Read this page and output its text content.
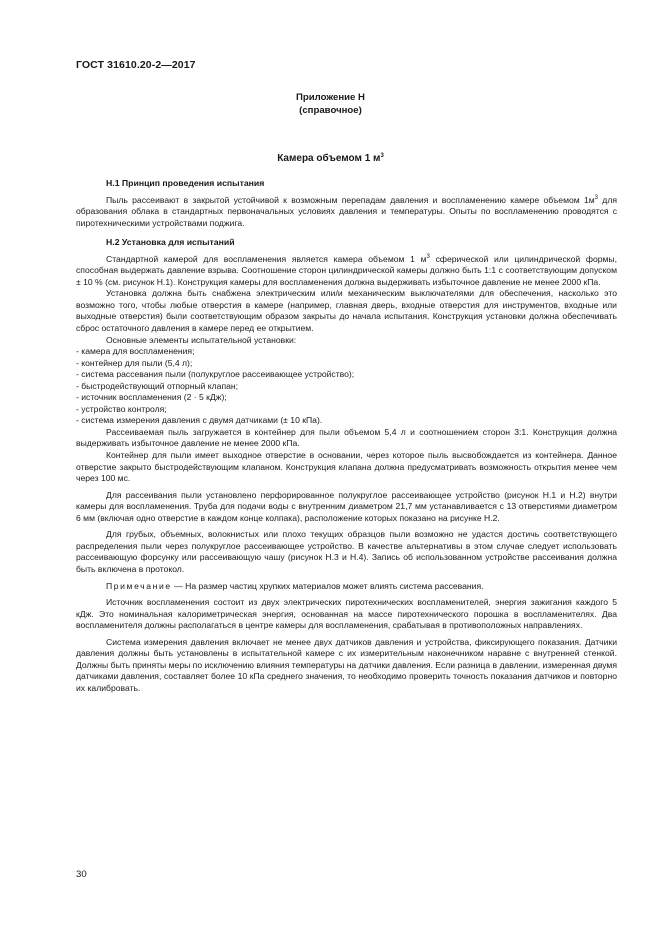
ГОСТ 31610.20-2—2017
Приложение Н
(справочное)
Камера объемом 1 $м^3$
Н.1 Принцип проведения испытания

Пыль рассеивают в закрытой устойчивой к возможным перепадам давления и воспламенению камере объемом $1м^3$ для образования облака в стандартных первоначальных условиях давления и температуры. Опыты по воспламенению проводятся с пиротехническими устройствами поджига.

Н.2 Установка для испытаний

Стандартной камерой для воспламенения является камера объемом 1 $м^3$ сферической или цилиндрической формы, способная выдержать давление взрыва. Соотношение сторон цилиндрической камеры должно быть 1:1 с соответствующим допуском ± 10 % (см. рисунок Н.1). Конструкция камеры для воспламенения должна выдерживать избыточное давление не менее 2000 кПа.

Установка должна быть снабжена электрическим или/и механическим выключателями для обеспечения, насколько это возможно того, чтобы любые отверстия в камере (например, главная дверь, входные отверстия для инструментов, входные или выходные отверстия) были соответствующим образом закрыты до начала испытания. Конструкция установки должна обеспечивать сброс остаточного давления в камере перед ее открытием.

Основные элементы испытательной установки:

- камера для воспламенения;
- контейнер для пыли (5,4 л);
- система рассевания пыли (полукруглое рассеивающее устройство);
- быстродействующий отпорный клапан;
- источник воспламенения (2 · 5 кДж);
- устройство контроля;
- система измерения давления с двумя датчиками (± 10 кПа).

Рассеиваемая пыль загружается в контейнер для пыли объемом 5,4 л и соотношением сторон 3:1. Конструкция должна выдерживать избыточное давление не менее 2000 кПа.

Контейнер для пыли имеет выходное отверстие в основании, через которое пыль высвобождается из контейнера. Данное отверстие закрыто быстродействующим клапаном. Конструкция клапана должна предусматривать возможность открытия менее чем через 100 мс.

Для рассеивания пыли установлено перфорированное полукруглое рассеивающее устройство (рисунок Н.1 и Н.2) внутри камеры для воспламенения. Труба для подачи воды с внутренним диаметром 21,7 мм устанавливается с 13 отверстиями диаметром 6 мм (включая одно отверстие в каждом конце колпака), расположение которых показано на рисунке Н.2.

Для грубых, объемных, волокнистых или плохо текущих образцов пыли возможно не удастся достичь соответствующего распределения пыли через полукруглое рассеивающее устройство. В качестве альтернативы в этом случае следует использовать рассеивающую форсунку или рассеивающую чашу (рисунок Н.3 и Н.4). Запись об использованном устройстве рассеивания должна быть включена в протокол.

Примечание — На размер частиц хрупких материалов может влиять система рассевания.

Источник воспламенения состоит из двух электрических пиротехнических воспламенителей, энергия зажигания каждого 5 кДж. Это номинальная калориметрическая энергия, основанная на массе пиротехнического порошка в воспламенителях. Два воспламенителя должны располагаться в центре камеры для воспламенения, срабатывая в противоположных направлениях.

Система измерения давления включает не менее двух датчиков давления и устройства, фиксирующего показания. Датчики давления должны быть установлены в испытательной камере с их измерительным наконечником наравне с внутренней стенкой. Должны быть приняты меры по исключению влияния температуры на датчики давления. Если разница в давлении, измеренная двумя датчиками давления, составляет более 10 кПа среднего значения, то необходимо проверить точность показания датчиков и повторно их калибровать.

30
